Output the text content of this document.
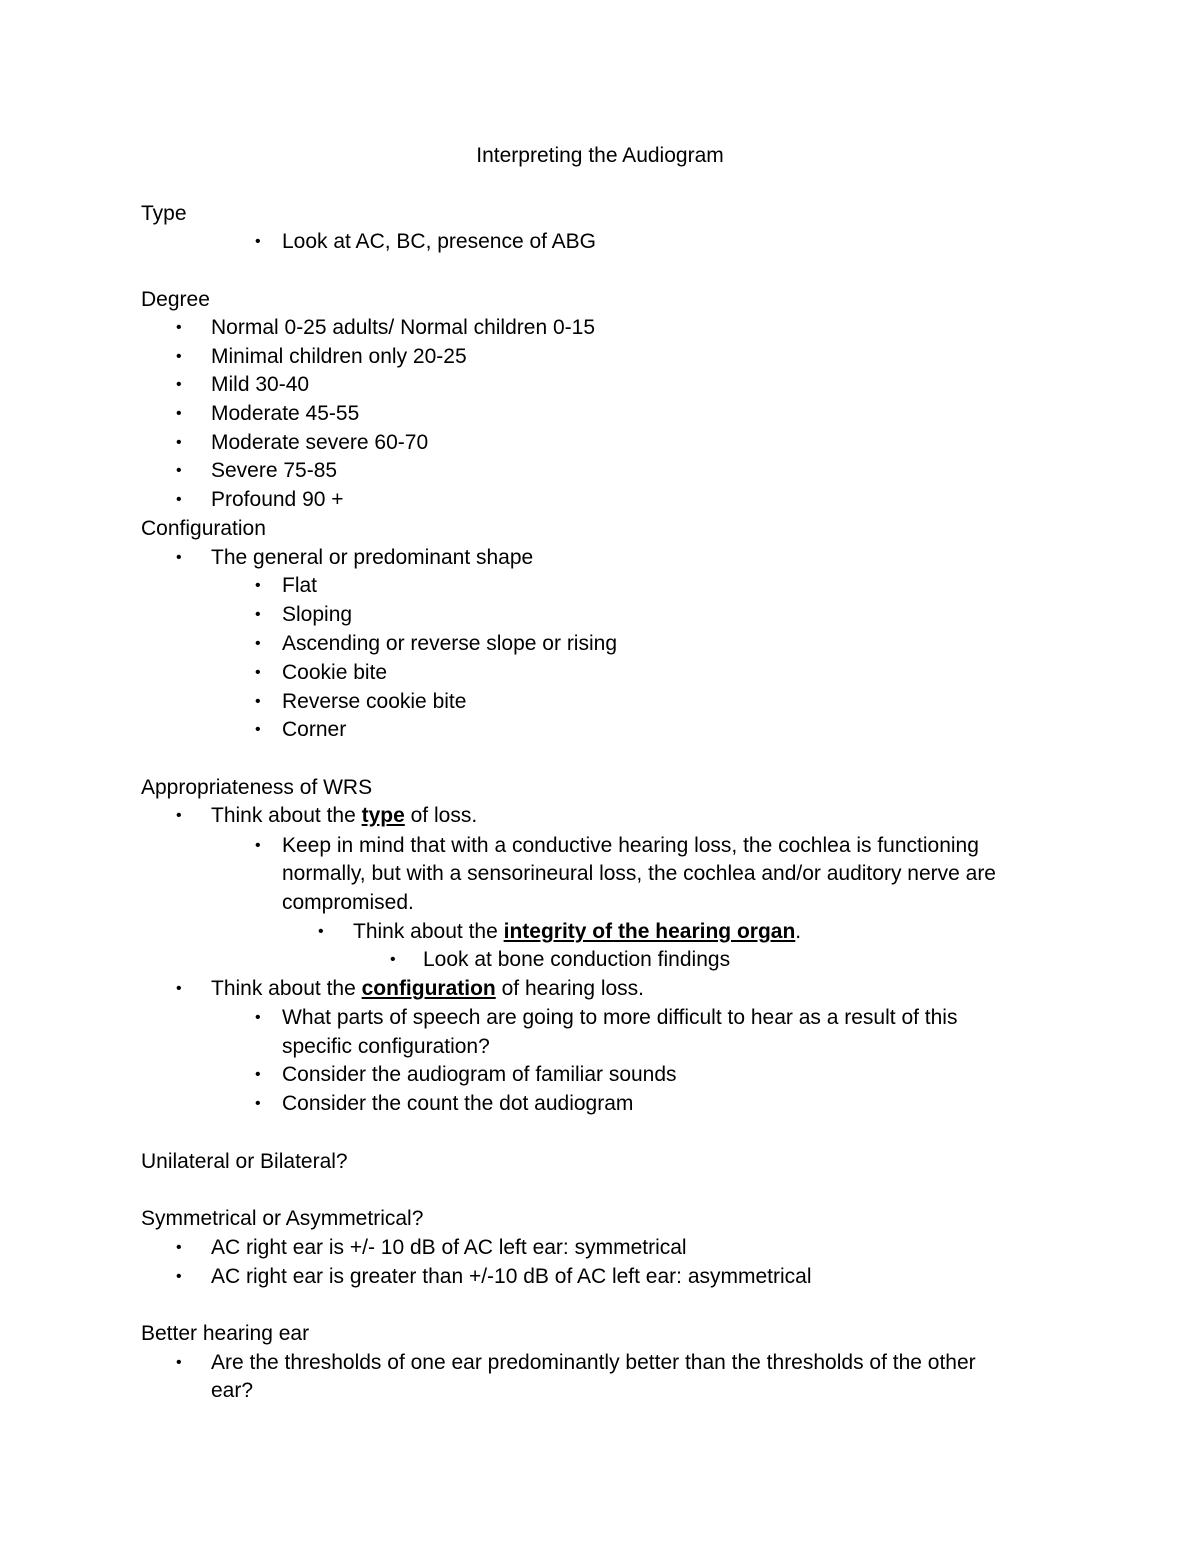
Interpreting the Audiogram
Type
• Look at AC, BC, presence of ABG
Degree
• Normal 0-25 adults/ Normal children 0-15
• Minimal children only 20-25
• Mild 30-40
• Moderate 45-55
• Moderate severe 60-70
• Severe 75-85
• Profound 90 +
Configuration
• The general or predominant shape
• Flat
• Sloping
• Ascending or reverse slope or rising
• Cookie bite
• Reverse cookie bite
• Corner
Appropriateness of WRS
• Think about the type of loss.
• Keep in mind that with a conductive hearing loss, the cochlea is functioning
normally, but with a sensorineural loss, the cochlea and/or auditory nerve are
compromised.
• Think about the integrity of the hearing organ.
• Look at bone conduction findings
• Think about the configuration of hearing loss.
• What parts of speech are going to more difficult to hear as a result of this
specific configuration?
• Consider the audiogram of familiar sounds
• Consider the count the dot audiogram
Unilateral or Bilateral?
Symmetrical or Asymmetrical?
• AC right ear is +/- 10 dB of AC left ear: symmetrical
• AC right ear is greater than +/-10 dB of AC left ear: asymmetrical
Better hearing ear
• Are the thresholds of one ear predominantly better than the thresholds of the other
ear?
